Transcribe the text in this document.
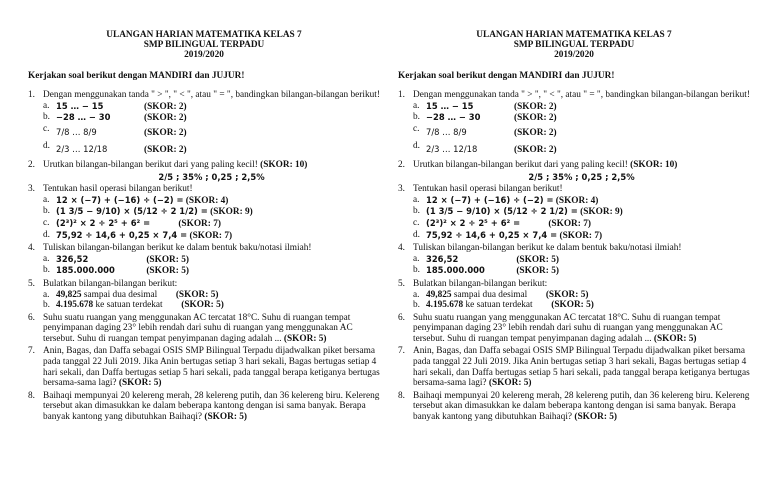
ULANGAN HARIAN MATEMATIKA KELAS 7
SMP BILINGUAL TERPADU
2019/2020
Kerjakan soal berikut dengan MANDIRI dan JUJUR!
1. Dengan menggunakan tanda " > ", " < ", atau " = ", bandingkan bilangan-bilangan berikut!
a. 15 … − 15	(SKOR: 2)
b. −28 … − 30	(SKOR: 2)
c. 7/8 … 8/9	(SKOR: 2)
d. 2/3 … 12/18	(SKOR: 2)
2. Urutkan bilangan-bilangan berikut dari yang paling kecil! (SKOR: 10)
2/5 ; 35% ; 0,25 ; 2,5%
3. Tentukan hasil operasi bilangan berikut!
a. 12 × (−7) + (−16) ÷ (−2) = (SKOR: 4)
b. (1 3/5 − 9/10) × (5/12 ÷ 2 1/2) = (SKOR: 9)
c. (2³)² × 2 ÷ 2⁵ + 6² =	(SKOR: 7)
d. 75,92 ÷ 14,6 + 0,25 × 7,4 = (SKOR: 7)
4. Tuliskan bilangan-bilangan berikut ke dalam bentuk baku/notasi ilmiah!
a. 326,52	(SKOR: 5)
b. 185.000.000	(SKOR: 5)
5. Bulatkan bilangan-bilangan berikut:
a. 49,825 sampai dua desimal (SKOR: 5)
b. 4.195.678 ke satuan terdekat (SKOR: 5)
6. Suhu suatu ruangan yang menggunakan AC tercatat 18°C. Suhu di ruangan tempat penyimpanan daging 23° lebih rendah dari suhu di ruangan yang menggunakan AC tersebut. Suhu di ruangan tempat penyimpanan daging adalah ... (SKOR: 5)
7. Anin, Bagas, dan Daffa sebagai OSIS SMP Bilingual Terpadu dijadwalkan piket bersama pada tanggal 22 Juli 2019. Jika Anin bertugas setiap 3 hari sekali, Bagas bertugas setiap 4 hari sekali, dan Daffa bertugas setiap 5 hari sekali, pada tanggal berapa ketiganya bertugas bersama-sama lagi? (SKOR: 5)
8. Baihaqi mempunyai 20 kelereng merah, 28 kelereng putih, dan 36 kelereng biru. Kelereng tersebut akan dimasukkan ke dalam beberapa kantong dengan isi sama banyak. Berapa banyak kantong yang dibutuhkan Baihaqi? (SKOR: 5)
ULANGAN HARIAN MATEMATIKA KELAS 7
SMP BILINGUAL TERPADU
2019/2020
Kerjakan soal berikut dengan MANDIRI dan JUJUR!
1. Dengan menggunakan tanda " > ", " < ", atau " = ", bandingkan bilangan-bilangan berikut!
a. 15 … − 15	(SKOR: 2)
b. −28 … − 30	(SKOR: 2)
c. 7/8 … 8/9	(SKOR: 2)
d. 2/3 … 12/18	(SKOR: 2)
2. Urutkan bilangan-bilangan berikut dari yang paling kecil! (SKOR: 10)
2/5 ; 35% ; 0,25 ; 2,5%
3. Tentukan hasil operasi bilangan berikut!
a. 12 × (−7) + (−16) ÷ (−2) = (SKOR: 4)
b. (1 3/5 − 9/10) × (5/12 ÷ 2 1/2) = (SKOR: 9)
c. (2³)² × 2 ÷ 2⁵ + 6² =	(SKOR: 7)
d. 75,92 ÷ 14,6 + 0,25 × 7,4 = (SKOR: 7)
4. Tuliskan bilangan-bilangan berikut ke dalam bentuk baku/notasi ilmiah!
a. 326,52	(SKOR: 5)
b. 185.000.000	(SKOR: 5)
5. Bulatkan bilangan-bilangan berikut:
a. 49,825 sampai dua desimal (SKOR: 5)
b. 4.195.678 ke satuan terdekat (SKOR: 5)
6. Suhu suatu ruangan yang menggunakan AC tercatat 18°C. Suhu di ruangan tempat penyimpanan daging 23° lebih rendah dari suhu di ruangan yang menggunakan AC tersebut. Suhu di ruangan tempat penyimpanan daging adalah ... (SKOR: 5)
7. Anin, Bagas, dan Daffa sebagai OSIS SMP Bilingual Terpadu dijadwalkan piket bersama pada tanggal 22 Juli 2019. Jika Anin bertugas setiap 3 hari sekali, Bagas bertugas setiap 4 hari sekali, dan Daffa bertugas setiap 5 hari sekali, pada tanggal berapa ketiganya bertugas bersama-sama lagi? (SKOR: 5)
8. Baihaqi mempunyai 20 kelereng merah, 28 kelereng putih, dan 36 kelereng biru. Kelereng tersebut akan dimasukkan ke dalam beberapa kantong dengan isi sama banyak. Berapa banyak kantong yang dibutuhkan Baihaqi? (SKOR: 5)
